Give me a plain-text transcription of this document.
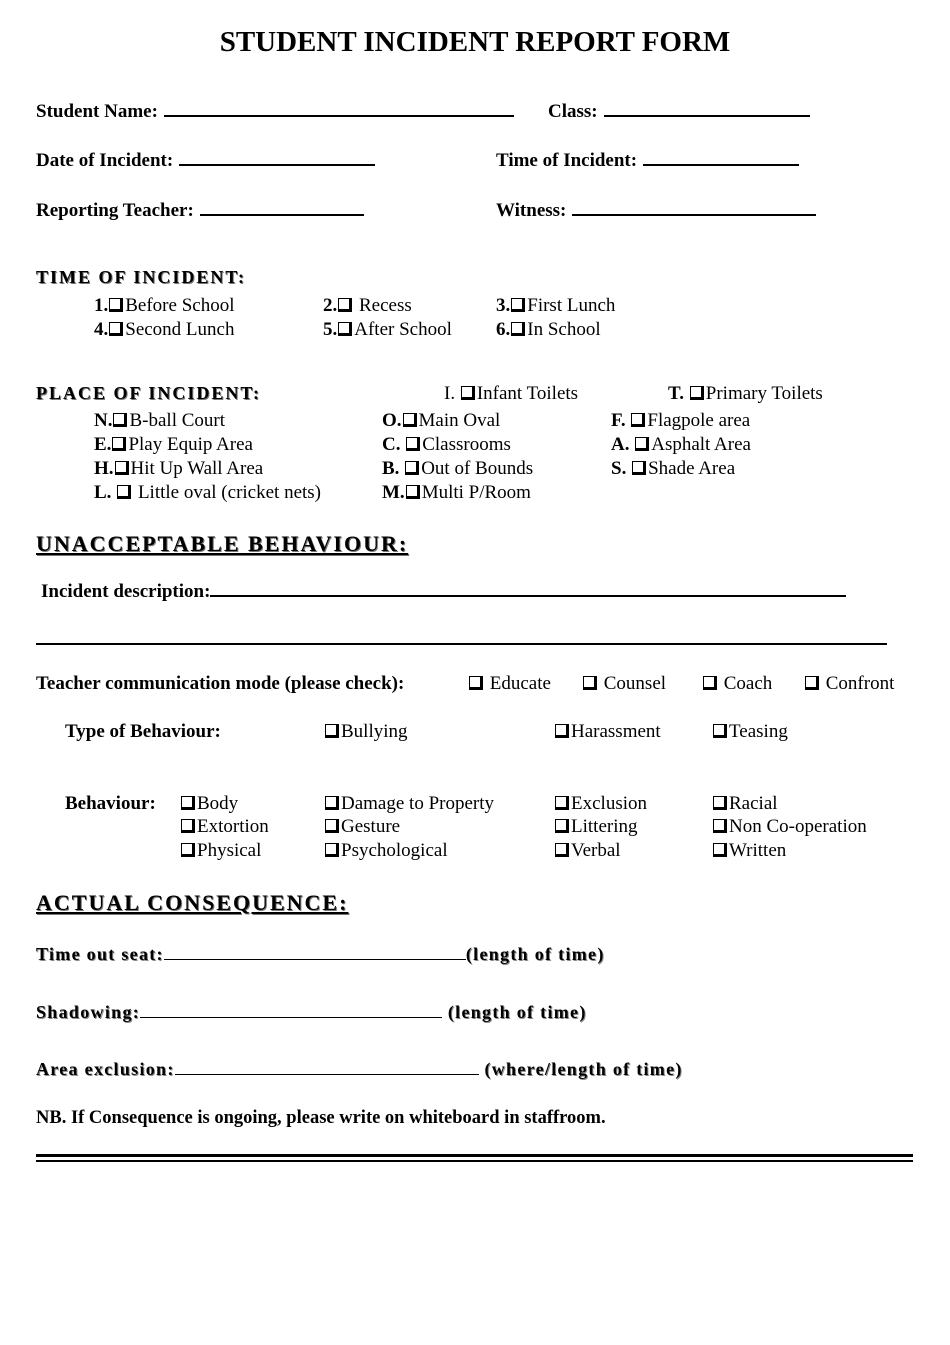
STUDENT INCIDENT REPORT FORM
Student Name:	Class:
Date of Incident:	Time of Incident:
Reporting Teacher:	Witness:
TIME OF INCIDENT:
1. Before School	2. Recess	3. First Lunch
4. Second Lunch	5. After School 6. In School
PLACE OF INCIDENT:	I. Infant Toilets	T. Primary Toilets
N. B-ball Court	O. Main Oval	F. Flagpole area
E. Play Equip Area	C. Classrooms	A. Asphalt Area
H. Hit Up Wall Area	B. Out of Bounds	S. Shade Area
L.  Little oval (cricket nets)	M. Multi P/Room
UNACCEPTABLE BEHAVIOUR:
Incident description:
Teacher communication mode (please check):	Educate	Counsel	Coach	Confront
Type of Behaviour:	Bullying	Harassment	Teasing
Behaviour:	Body	Damage to Property	Exclusion	Racial
Extortion	Gesture	Littering	Non Co-operation
Physical	Psychological	Verbal	Written
ACTUAL CONSEQUENCE:
Time out seat:	(length of time)
Shadowing:	(length of time)
Area exclusion:	(where/length of time)
NB. If Consequence is ongoing, please write on whiteboard in staffroom.
